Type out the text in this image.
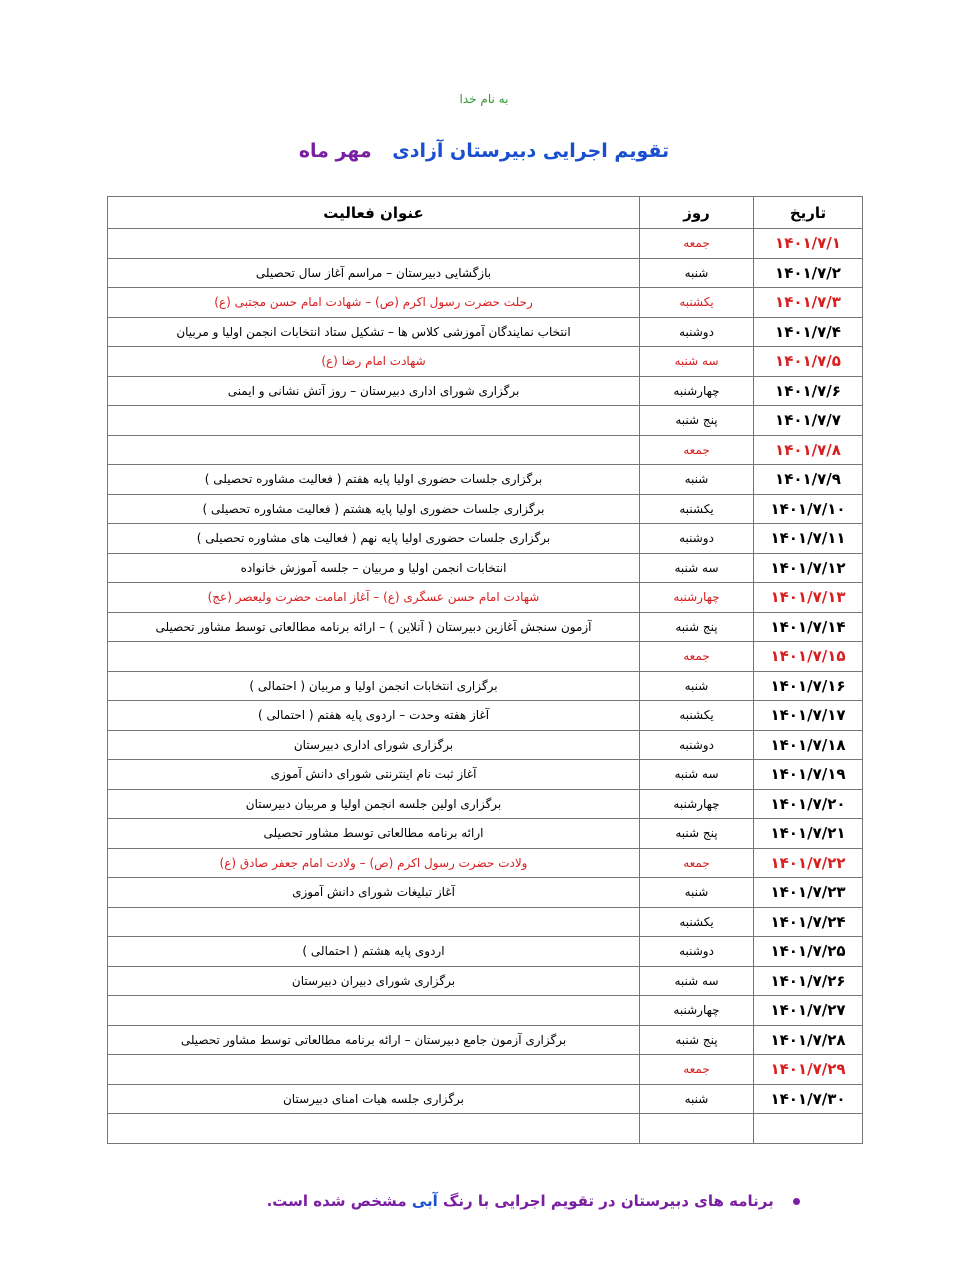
به نام خدا
تقویم اجرایی دبیرستان آزادی مهر ماه
تاریخ	روز	عنوان فعالیت
۱۴۰۱/۷/۱	جمعه	
۱۴۰۱/۷/۲	شنبه	بازگشایی دبیرستان – مراسم آغاز سال تحصیلی
۱۴۰۱/۷/۳	یکشنبه	رحلت حضرت رسول اکرم (ص) – شهادت امام حسن مجتبی (ع)
۱۴۰۱/۷/۴	دوشنبه	انتخاب نمایندگان آموزشی کلاس ها – تشکیل ستاد انتخابات انجمن اولیا و مربیان
۱۴۰۱/۷/۵	سه شنبه	شهادت امام رضا (ع)
۱۴۰۱/۷/۶	چهارشنبه	برگزاری شورای اداری دبیرستان – روز آتش نشانی و ایمنی
۱۴۰۱/۷/۷	پنج شنبه	
۱۴۰۱/۷/۸	جمعه	
۱۴۰۱/۷/۹	شنبه	برگزاری جلسات حضوری اولیا پایه هفتم ( فعالیت مشاوره تحصیلی )
۱۴۰۱/۷/۱۰	یکشنبه	برگزاری جلسات حضوری اولیا پایه هشتم ( فعالیت مشاوره تحصیلی )
۱۴۰۱/۷/۱۱	دوشنبه	برگزاری جلسات حضوری اولیا پایه نهم ( فعالیت های مشاوره تحصیلی )
۱۴۰۱/۷/۱۲	سه شنبه	انتخابات انجمن اولیا و مربیان – جلسه آموزش خانواده
۱۴۰۱/۷/۱۳	چهارشنبه	شهادت امام حسن عسگری (ع) – آغاز امامت حضرت ولیعصر (عج)
۱۴۰۱/۷/۱۴	پنج شنبه	آزمون سنجش آغازین دبیرستان ( آنلاین ) – ارائه برنامه مطالعاتی توسط مشاور تحصیلی
۱۴۰۱/۷/۱۵	جمعه	
۱۴۰۱/۷/۱۶	شنبه	برگزاری انتخابات انجمن اولیا و مربیان ( احتمالی )
۱۴۰۱/۷/۱۷	یکشنبه	آغاز هفته وحدت – اردوی پایه هفتم ( احتمالی )
۱۴۰۱/۷/۱۸	دوشنبه	برگزاری شورای اداری دبیرستان
۱۴۰۱/۷/۱۹	سه شنبه	آغاز ثبت نام اینترنتی شورای دانش آموزی
۱۴۰۱/۷/۲۰	چهارشنبه	برگزاری اولین جلسه انجمن اولیا و مربیان دبیرستان
۱۴۰۱/۷/۲۱	پنج شنبه	ارائه برنامه مطالعاتی توسط مشاور تحصیلی
۱۴۰۱/۷/۲۲	جمعه	ولادت حضرت رسول اکرم (ص) – ولادت امام جعفر صادق (ع)
۱۴۰۱/۷/۲۳	شنبه	آغاز تبلیغات شورای دانش آموزی
۱۴۰۱/۷/۲۴	یکشنبه	
۱۴۰۱/۷/۲۵	دوشنبه	اردوی پایه هشتم ( احتمالی )
۱۴۰۱/۷/۲۶	سه شنبه	برگزاری شورای دبیران دبیرستان
۱۴۰۱/۷/۲۷	چهارشنبه	
۱۴۰۱/۷/۲۸	پنج شنبه	برگزاری آزمون جامع دبیرستان – ارائه برنامه مطالعاتی توسط مشاور تحصیلی
۱۴۰۱/۷/۲۹	جمعه	
۱۴۰۱/۷/۳۰	شنبه	برگزاری جلسه هیات امنای دبیرستان

برنامه های دبیرستان در تقویم اجرایی با رنگ آبی مشخص شده است.
